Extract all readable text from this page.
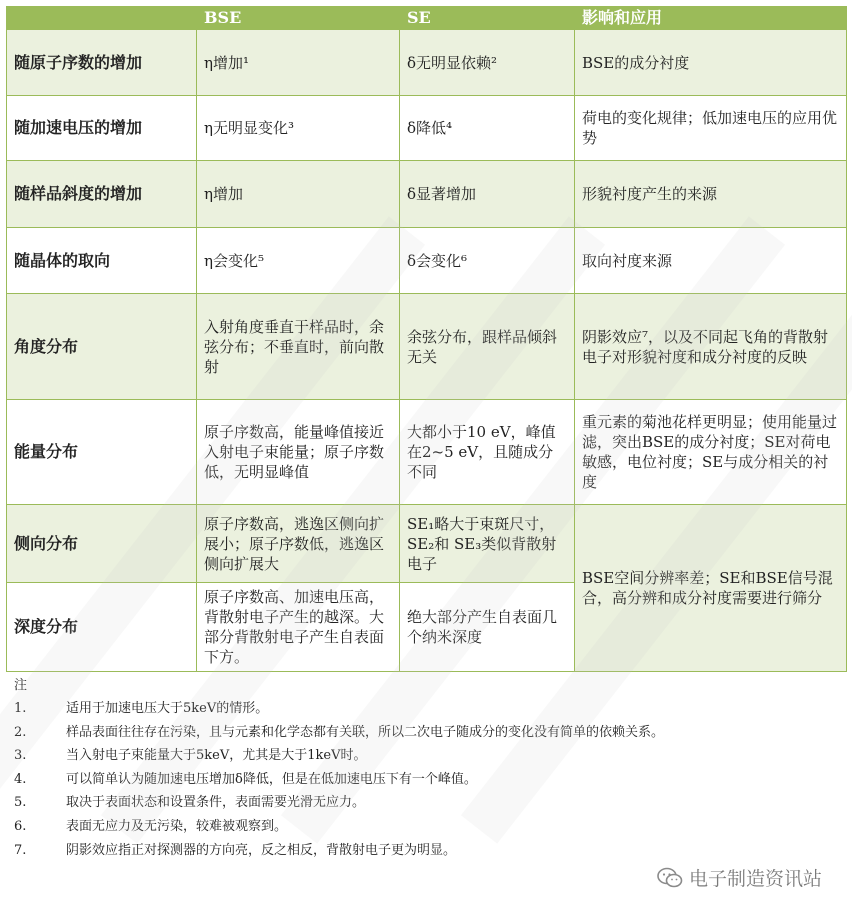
	BSE	SE	影响和应用
随原子序数的增加	η增加¹	δ无明显依赖²	BSE的成分衬度
随加速电压的增加	η无明显变化³	δ降低⁴	荷电的变化规律；低加速电压的应用优势
随样品斜度的增加	η增加	δ显著增加	形貌衬度产生的来源
随晶体的取向	η会变化⁵	δ会变化⁶	取向衬度来源
角度分布	入射角度垂直于样品时，余弦分布；不垂直时，前向散射	余弦分布，跟样品倾斜无关	阴影效应⁷，以及不同起飞角的背散射电子对形貌衬度和成分衬度的反映
能量分布	原子序数高，能量峰值接近入射电子束能量；原子序数低，无明显峰值	大都小于10 eV，峰值在2~5 eV，且随成分不同	重元素的菊池花样更明显；使用能量过滤，突出BSE的成分衬度；SE对荷电敏感，电位衬度；SE与成分相关的衬度
侧向分布	原子序数高，逃逸区侧向扩展小；原子序数低，逃逸区侧向扩展大	SE₁略大于束斑尺寸，SE₂和 SE₃类似背散射电子	BSE空间分辨率差；SE和BSE信号混合，高分辨和成分衬度需要进行筛分
深度分布	原子序数高、加速电压高，背散射电子产生的越深。大部分背散射电子产生自表面下方。	绝大部分产生自表面几个纳米深度	
注
1.	适用于加速电压大于5keV的情形。
2.	样品表面往往存在污染，且与元素和化学态都有关联，所以二次电子随成分的变化没有简单的依赖关系。
3.	当入射电子束能量大于5keV，尤其是大于1keV时。
4.	可以简单认为随加速电压增加δ降低，但是在低加速电压下有一个峰值。
5.	取决于表面状态和设置条件，表面需要光滑无应力。
6.	表面无应力及无污染，较难被观察到。
7.	阴影效应指正对探测器的方向亮，反之相反，背散射电子更为明显。
电子制造资讯站
